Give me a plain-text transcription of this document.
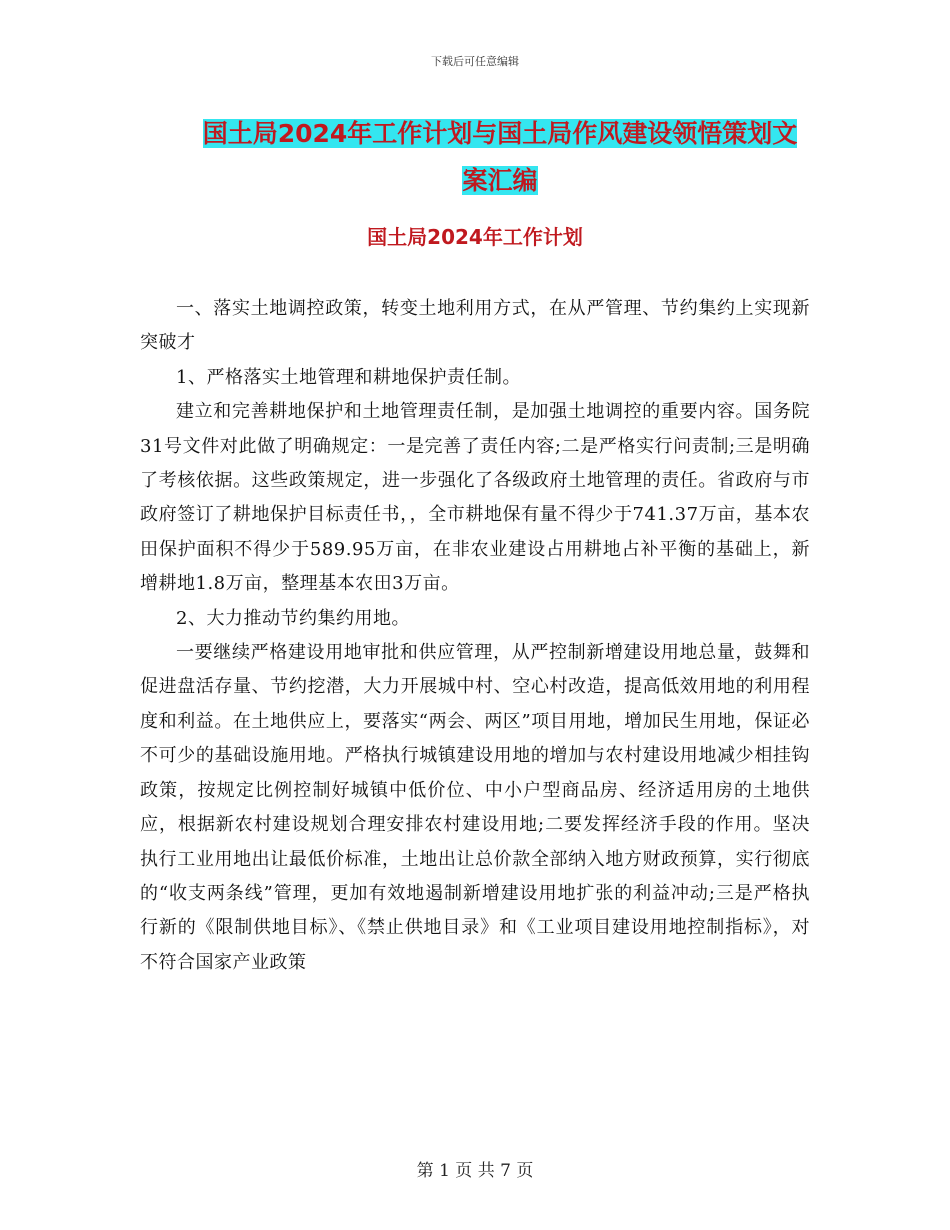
下载后可任意编辑
国土局2024年工作计划与国土局作风建设领悟策划文
案汇编
国土局2024年工作计划

一、落实土地调控政策，转变土地利用方式，在从严管理、节约集约上实现新突破才

1、严格落实土地管理和耕地保护责任制。

建立和完善耕地保护和土地管理责任制，是加强土地调控的重要内容。国务院31号文件对此做了明确规定：一是完善了责任内容;二是严格实行问责制;三是明确了考核依据。这些政策规定，进一步强化了各级政府土地管理的责任。省政府与市政府签订了耕地保护目标责任书，，全市耕地保有量不得少于741.37万亩，基本农田保护面积不得少于589.95万亩，在非农业建设占用耕地占补平衡的基础上，新增耕地1.8万亩，整理基本农田3万亩。

2、大力推动节约集约用地。

一要继续严格建设用地审批和供应管理，从严控制新增建设用地总量，鼓舞和促进盘活存量、节约挖潜，大力开展城中村、空心村改造，提高低效用地的利用程度和利益。在土地供应上，要落实“两会、两区”项目用地，增加民生用地，保证必不可少的基础设施用地。严格执行城镇建设用地的增加与农村建设用地减少相挂钩政策，按规定比例控制好城镇中低价位、中小户型商品房、经济适用房的土地供应，根据新农村建设规划合理安排农村建设用地;二要发挥经济手段的作用。坚决执行工业用地出让最低价标准，土地出让总价款全部纳入地方财政预算，实行彻底的“收支两条线”管理，更加有效地遏制新增建设用地扩张的利益冲动;三是严格执行新的《限制供地目标》、《禁止供地目录》和《工业项目建设用地控制指标》，对不符合国家产业政策

第 1 页 共 7 页
